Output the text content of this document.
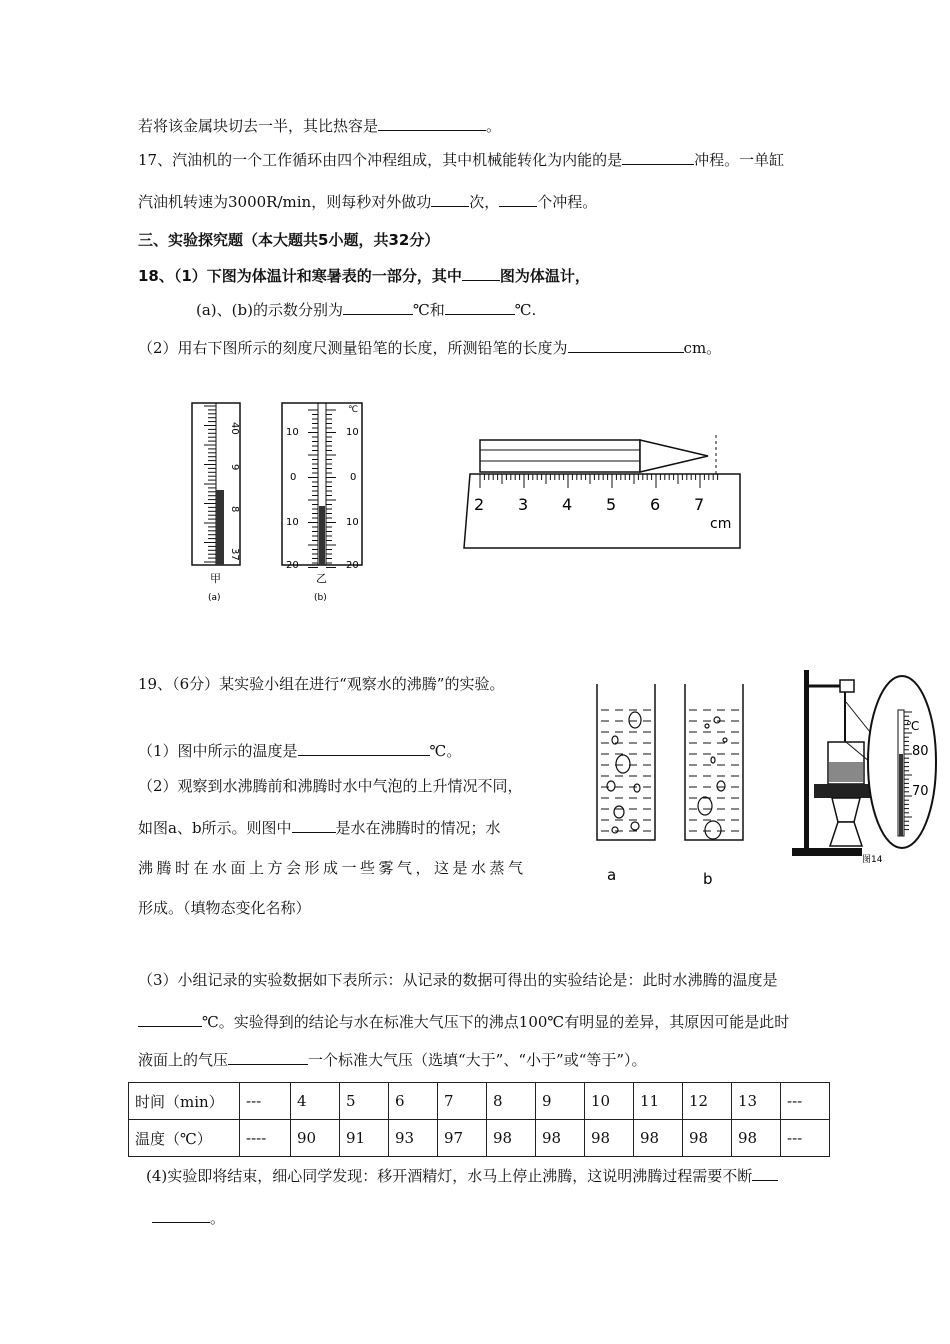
若将该金属块切去一半，其比热容是	。
17、汽油机的一个工作循环由四个冲程组成，其中机械能转化为内能的是	冲程。一单缸
汽油机转速为3000R/min，则每秒对外做功	次，	个冲程。
三、实验探究题（本大题共5小题，共32分）
18、（1）下图为体温计和寒暑表的一部分，其中	图为体温计，
(a)、(b)的示数分别为	℃和	℃.
（2）用右下图所示的刻度尺测量铅笔的长度，所测铅笔的长度为	cm。
40
9
8
37
甲
(a)
℃
10
0
10
20
10
0
10
20
乙
(b)
2 3 4 5 6 7
cm
19、（6分）某实验小组在进行“观察水的沸腾”的实验。
（1）图中所示的温度是	℃。
（2）观察到水沸腾前和沸腾时水中气泡的上升情况不同，
如图a、b所示。则图中	是水在沸腾时的情况；水
沸腾时在水面上方会形成一些雾气，这是水蒸气
形成。（填物态变化名称）
a	b
℃
80
70
图14
（3）小组记录的实验数据如下表所示：从记录的数据可得出的实验结论是：此时水沸腾的温度是
℃。实验得到的结论与水在标准大气压下的沸点100℃有明显的差异，其原因可能是此时
液面上的气压	一个标准大气压（选填“大于”、“小于”或“等于”）。
时间（min）	---	4	5	6	7	8	9	10	11	12	13	---
温度（℃）	----	90	91	93	97	98	98	98	98	98	98	---
(4)实验即将结束，细心同学发现：移开酒精灯，水马上停止沸腾，这说明沸腾过程需要不断
。
